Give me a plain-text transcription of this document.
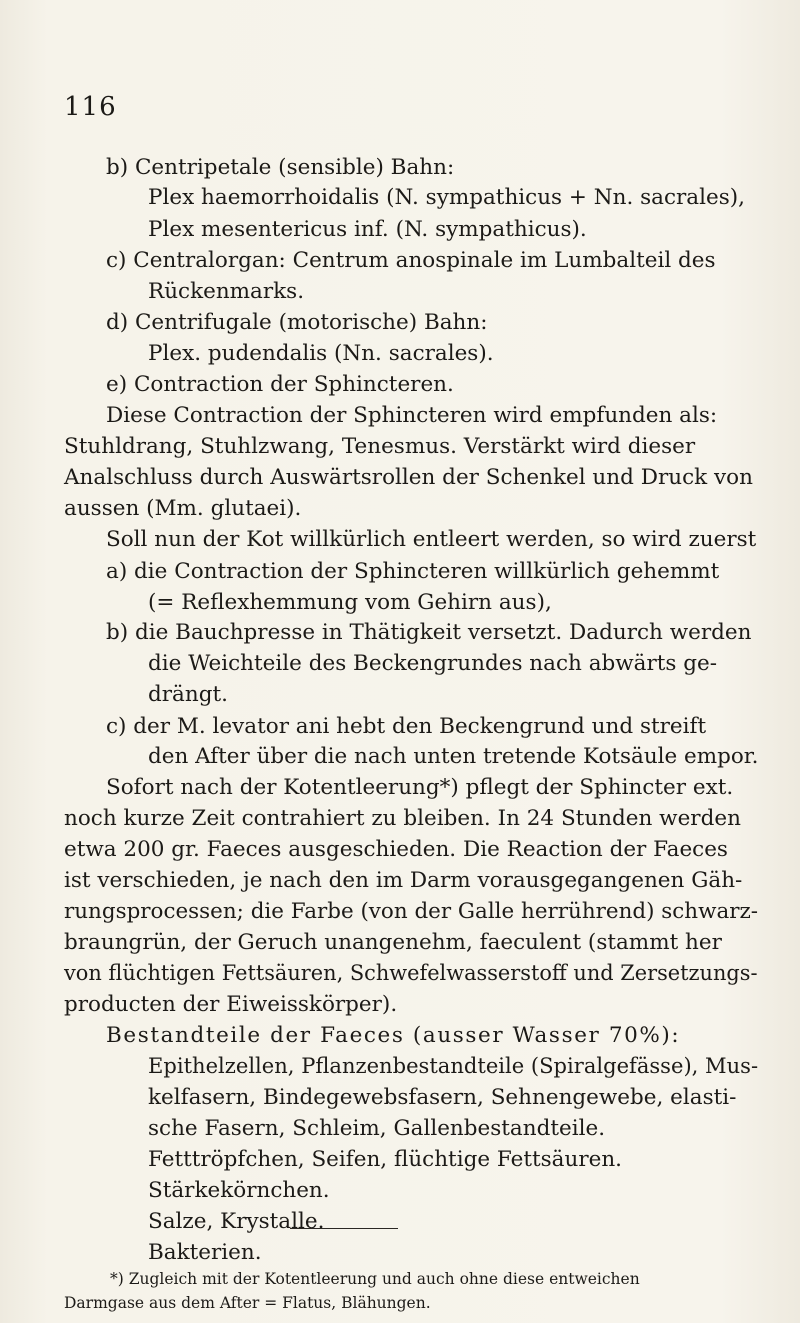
116
b) Centripetale (sensible) Bahn:
Plex haemorrhoidalis (N. sympathicus + Nn. sacrales),
Plex mesentericus inf. (N. sympathicus).
c) Centralorgan: Centrum anospinale im Lumbalteil des
Rückenmarks.
d) Centrifugale (motorische) Bahn:
Plex. pudendalis (Nn. sacrales).
e) Contraction der Sphincteren.
Diese Contraction der Sphincteren wird empfunden als:
Stuhldrang, Stuhlzwang, Tenesmus. Verstärkt wird dieser
Analschluss durch Auswärtsrollen der Schenkel und Druck von
aussen (Mm. glutaei).
Soll nun der Kot willkürlich entleert werden, so wird zuerst
a) die Contraction der Sphincteren willkürlich gehemmt
(= Reflexhemmung vom Gehirn aus),
b) die Bauchpresse in Thätigkeit versetzt. Dadurch werden
die Weichteile des Beckengrundes nach abwärts ge-
drängt.
c) der M. levator ani hebt den Beckengrund und streift
den After über die nach unten tretende Kotsäule empor.
Sofort nach der Kotentleerung*) pflegt der Sphincter ext.
noch kurze Zeit contrahiert zu bleiben. In 24 Stunden werden
etwa 200 gr. Faeces ausgeschieden. Die Reaction der Faeces
ist verschieden, je nach den im Darm vorausgegangenen Gäh-
rungsprocessen; die Farbe (von der Galle herrührend) schwarz-
braungrün, der Geruch unangenehm, faeculent (stammt her
von flüchtigen Fettsäuren, Schwefelwasserstoff und Zersetzungs-
producten der Eiweisskörper).
Bestandteile der Faeces (ausser Wasser 70%):
Epithelzellen, Pflanzenbestandteile (Spiralgefässe), Mus-
kelfasern, Bindegewebsfasern, Sehnengewebe, elasti-
sche Fasern, Schleim, Gallenbestandteile.
Fetttröpfchen, Seifen, flüchtige Fettsäuren.
Stärkekörnchen.
Salze, Krystalle.
Bakterien.
*) Zugleich mit der Kotentleerung und auch ohne diese entweichen
Darmgase aus dem After = Flatus, Blähungen.
